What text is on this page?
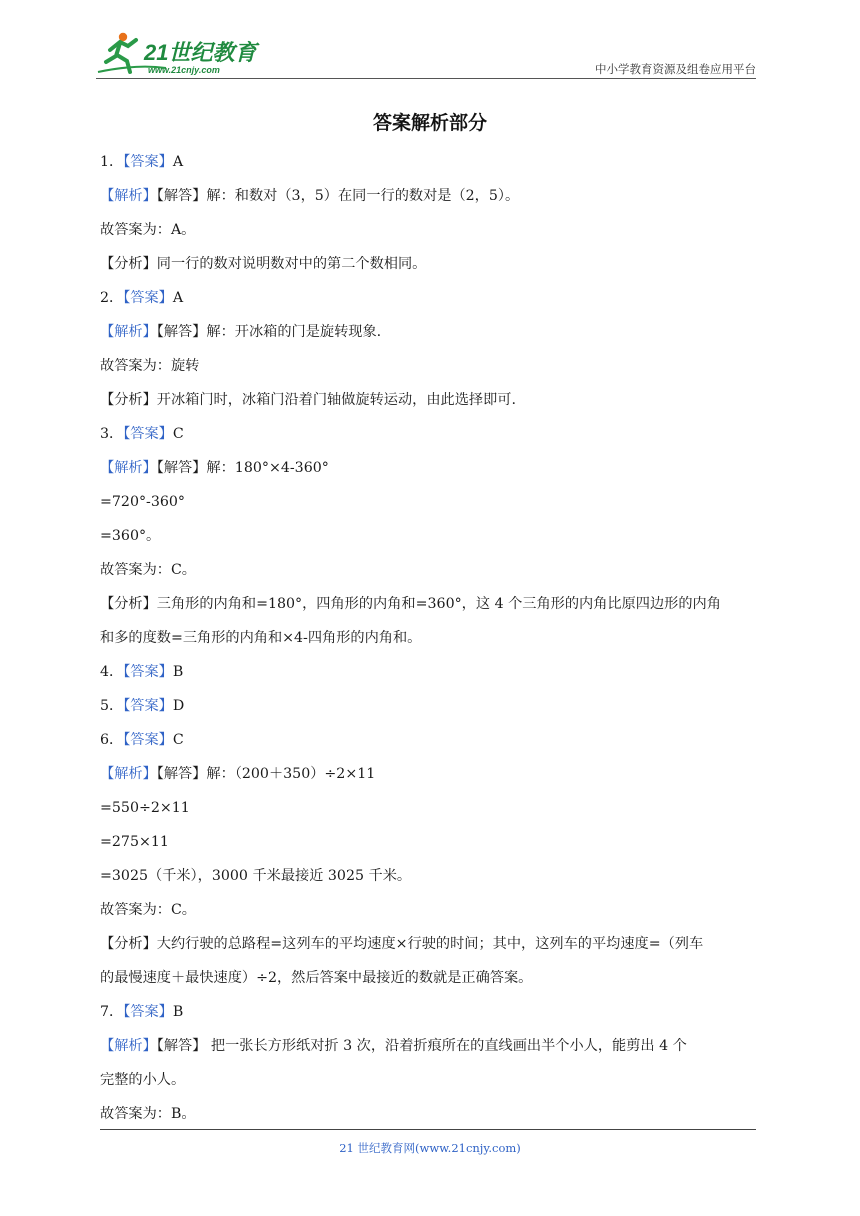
21世纪教育
www.21cnjy.com	中小学教育资源及组卷应用平台
答案解析部分
1．【答案】A
【解析】【解答】解：和数对（3，5）在同一行的数对是（2，5）。
故答案为：A。
【分析】同一行的数对说明数对中的第二个数相同。
2．【答案】A
【解析】【解答】解：开冰箱的门是旋转现象.
故答案为：旋转
【分析】开冰箱门时，冰箱门沿着门轴做旋转运动，由此选择即可.
3．【答案】C
【解析】【解答】解：180°×4-360°
=720°-360°
=360°。
故答案为：C。
【分析】三角形的内角和=180°，四角形的内角和=360°，这 4 个三角形的内角比原四边形的内角
和多的度数=三角形的内角和×4-四角形的内角和。
4．【答案】B
5．【答案】D
6．【答案】C
【解析】【解答】解：（200＋350）÷2×11
=550÷2×11
=275×11
=3025（千米），3000 千米最接近 3025 千米。
故答案为：C。
【分析】大约行驶的总路程=这列车的平均速度×行驶的时间；其中，这列车的平均速度=（列车
的最慢速度＋最快速度）÷2，然后答案中最接近的数就是正确答案。
7．【答案】B
【解析】【解答】 把一张长方形纸对折 3 次，沿着折痕所在的直线画出半个小人，能剪出 4 个
完整的小人。
故答案为：B。
21 世纪教育网(www.21cnjy.com)
